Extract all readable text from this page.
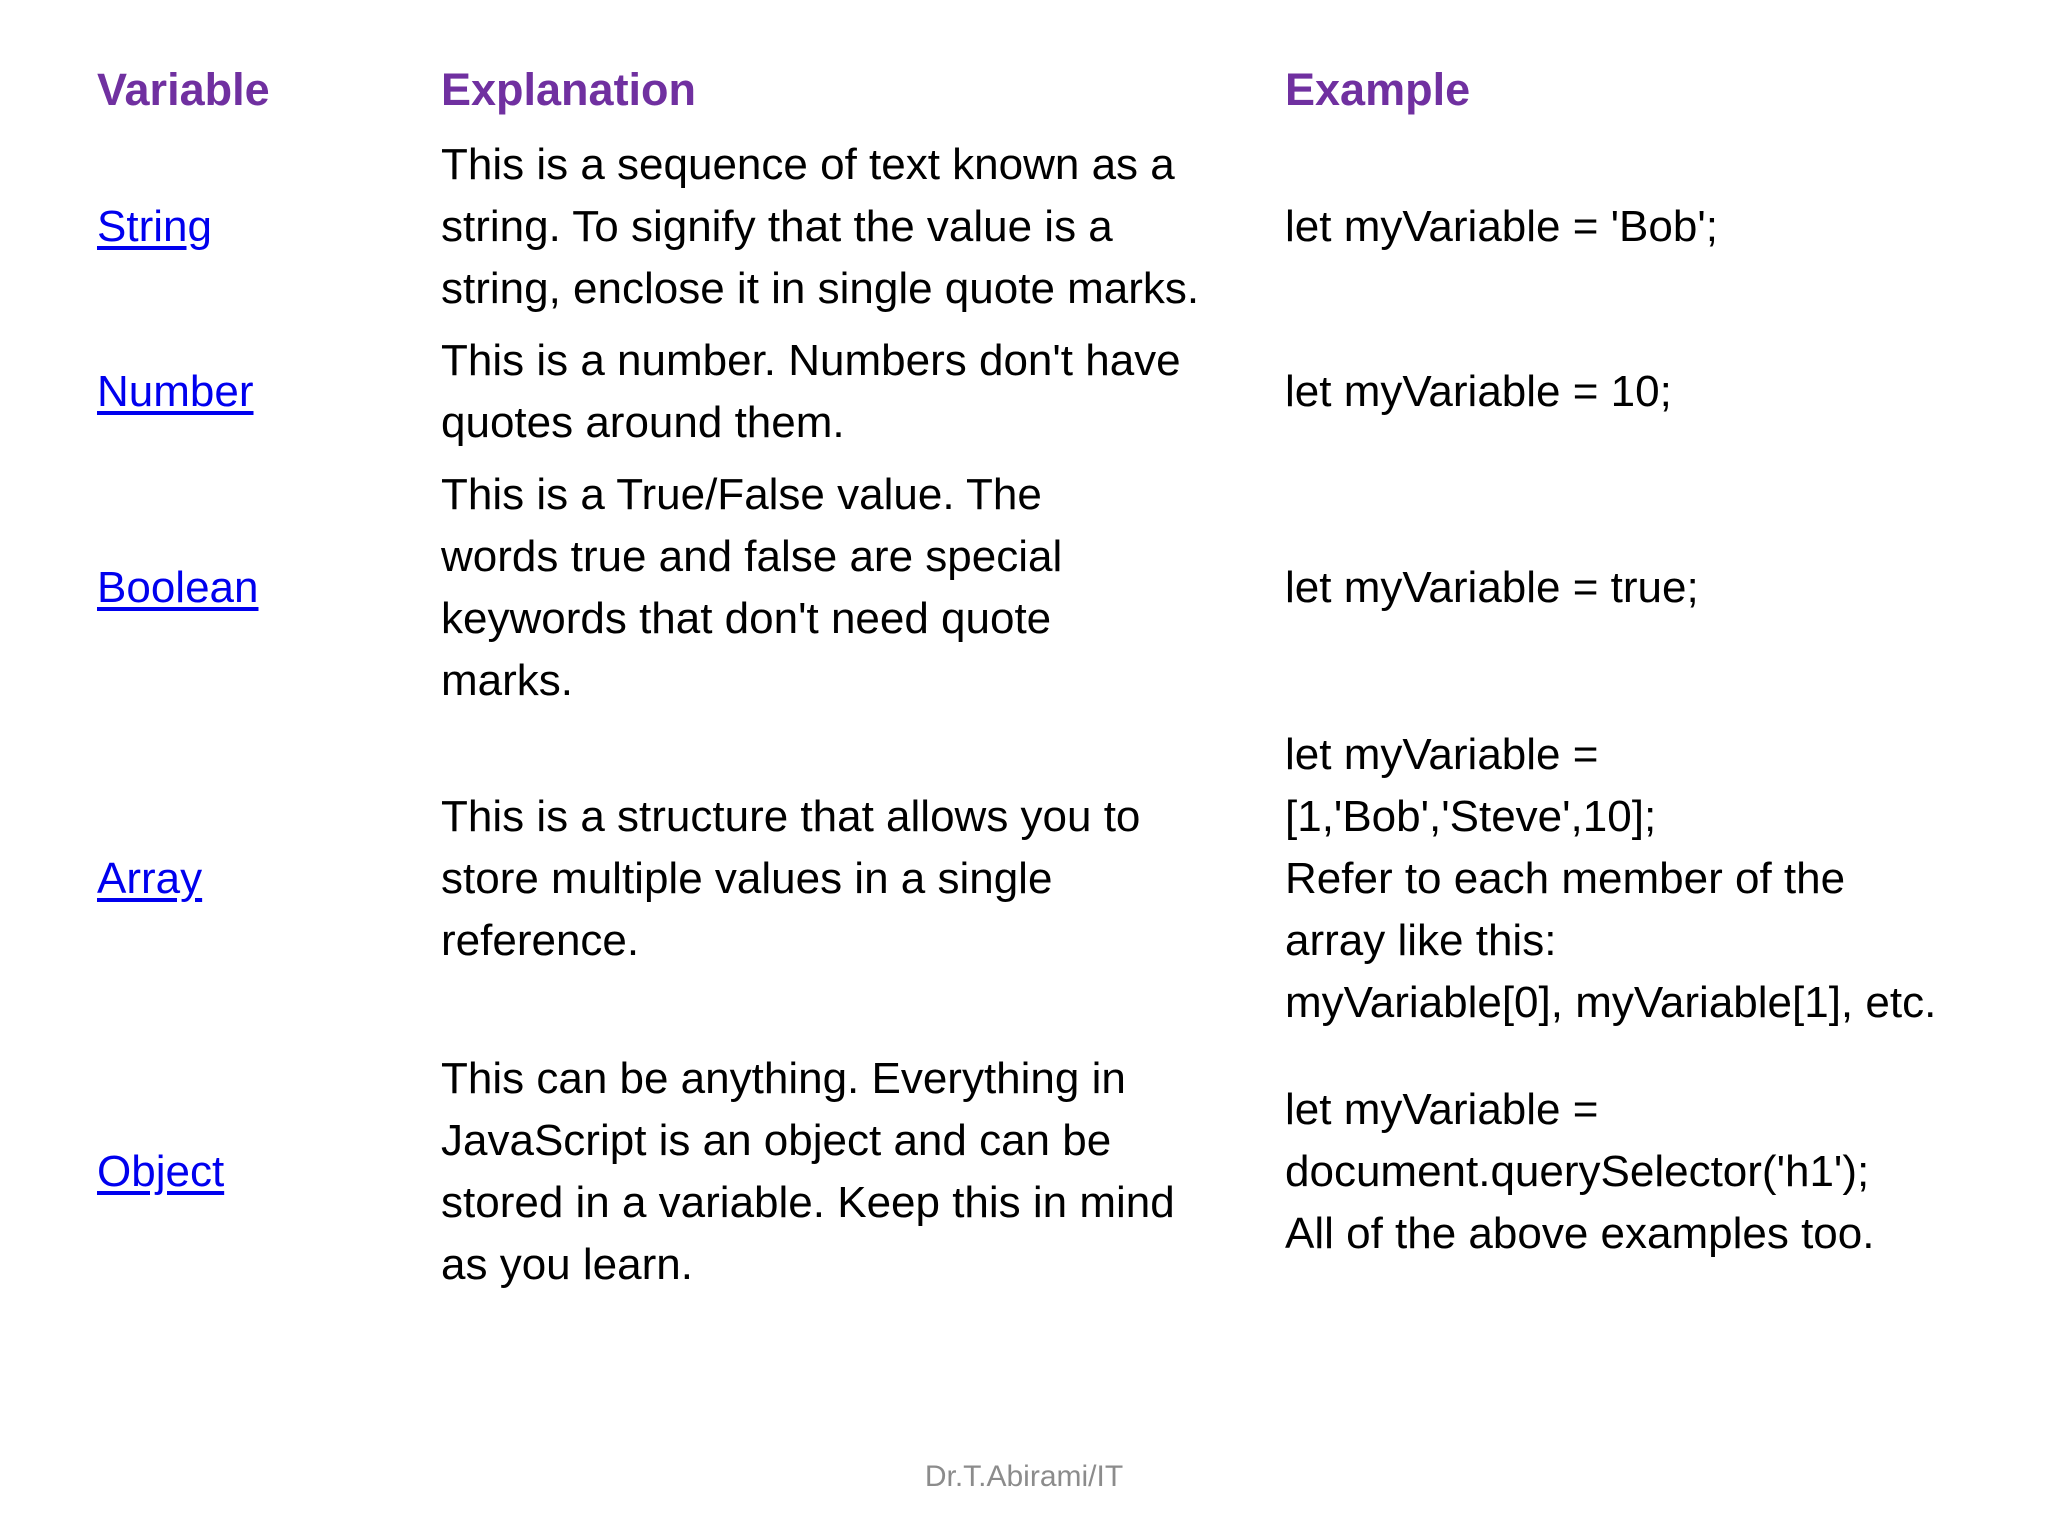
Variable	Explanation	Example
String
This is a sequence of text known as a
string. To signify that the value is a
string, enclose it in single quote marks.
let myVariable = 'Bob';
Number
This is a number. Numbers don't have
quotes around them.
let myVariable = 10;
Boolean
This is a True/False value. The
words true and false are special
keywords that don't need quote
marks.
let myVariable = true;
Array
This is a structure that allows you to
store multiple values in a single
reference.
let myVariable =
[1,'Bob','Steve',10];
Refer to each member of the
array like this:
myVariable[0], myVariable[1], etc.
Object
This can be anything. Everything in
JavaScript is an object and can be
stored in a variable. Keep this in mind
as you learn.
let myVariable =
document.querySelector('h1');
All of the above examples too.
Dr.T.Abirami/IT
